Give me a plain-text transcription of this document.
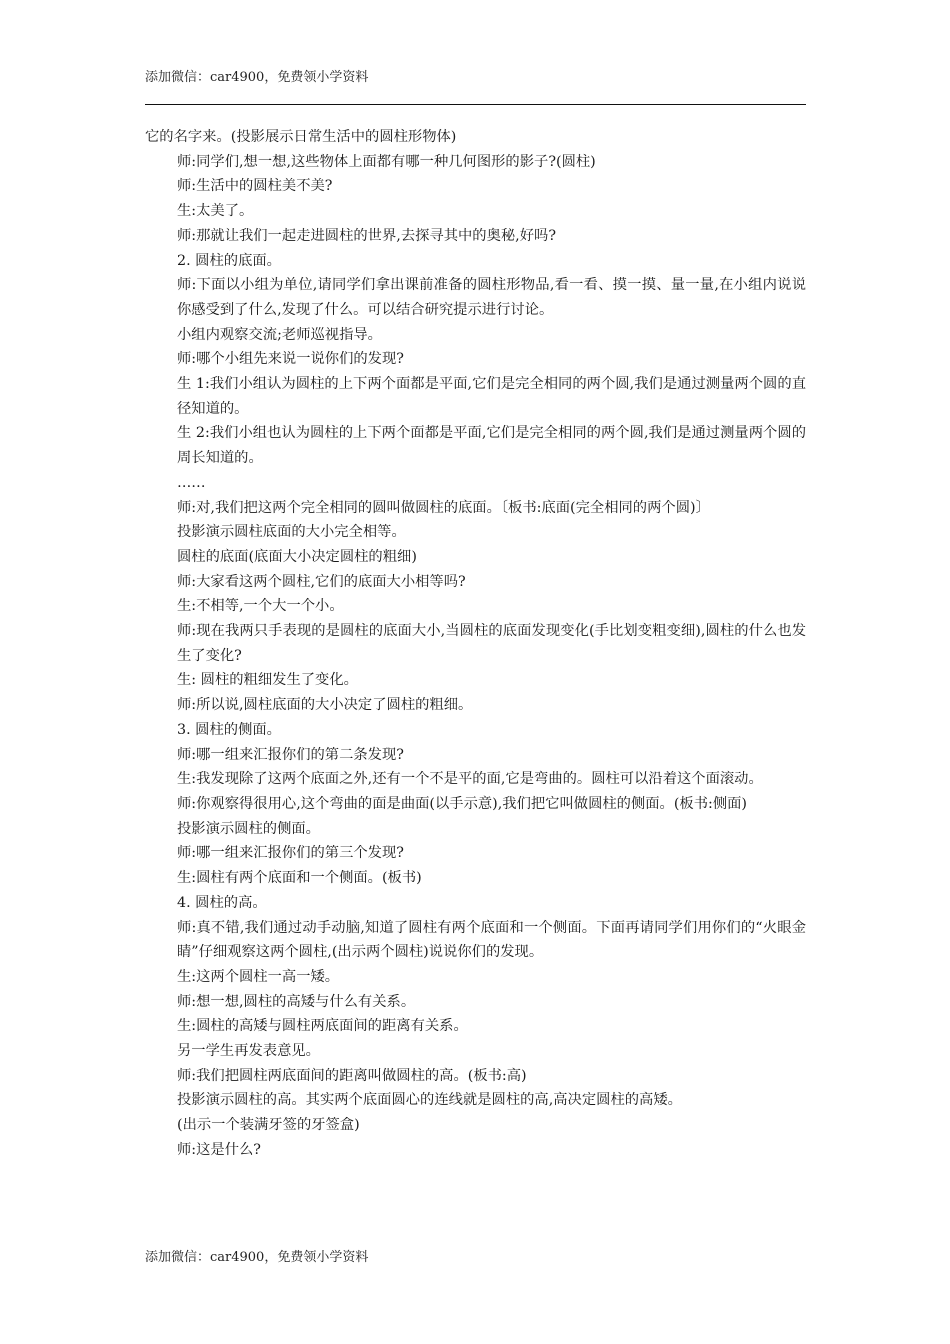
添加微信：car4900，免费领小学资料

它的名字来。(投影展示日常生活中的圆柱形物体)

师:同学们,想一想,这些物体上面都有哪一种几何图形的影子?(圆柱)

师:生活中的圆柱美不美?

生:太美了。

师:那就让我们一起走进圆柱的世界,去探寻其中的奥秘,好吗?

2. 圆柱的底面。

师:下面以小组为单位,请同学们拿出课前准备的圆柱形物品,看一看、摸一摸、量一量,在小组内说说你感受到了什么,发现了什么。可以结合研究提示进行讨论。

小组内观察交流;老师巡视指导。

师:哪个小组先来说一说你们的发现?

生 1:我们小组认为圆柱的上下两个面都是平面,它们是完全相同的两个圆,我们是通过测量两个圆的直径知道的。

生 2:我们小组也认为圆柱的上下两个面都是平面,它们是完全相同的两个圆,我们是通过测量两个圆的周长知道的。

……

师:对,我们把这两个完全相同的圆叫做圆柱的底面。〔板书:底面(完全相同的两个圆)〕

投影演示圆柱底面的大小完全相等。

圆柱的底面(底面大小决定圆柱的粗细)

师:大家看这两个圆柱,它们的底面大小相等吗?

生:不相等,一个大一个小。

师:现在我两只手表现的是圆柱的底面大小,当圆柱的底面发现变化(手比划变粗变细),圆柱的什么也发生了变化?

生: 圆柱的粗细发生了变化。

师:所以说,圆柱底面的大小决定了圆柱的粗细。

3. 圆柱的侧面。

师:哪一组来汇报你们的第二条发现?

生:我发现除了这两个底面之外,还有一个不是平的面,它是弯曲的。圆柱可以沿着这个面滚动。

师:你观察得很用心,这个弯曲的面是曲面(以手示意),我们把它叫做圆柱的侧面。(板书:侧面)

投影演示圆柱的侧面。

师:哪一组来汇报你们的第三个发现?

生:圆柱有两个底面和一个侧面。(板书)

4. 圆柱的高。

师:真不错,我们通过动手动脑,知道了圆柱有两个底面和一个侧面。下面再请同学们用你们的“火眼金睛”仔细观察这两个圆柱,(出示两个圆柱)说说你们的发现。

生:这两个圆柱一高一矮。

师:想一想,圆柱的高矮与什么有关系。

生:圆柱的高矮与圆柱两底面间的距离有关系。

另一学生再发表意见。

师:我们把圆柱两底面间的距离叫做圆柱的高。(板书:高)

投影演示圆柱的高。其实两个底面圆心的连线就是圆柱的高,高决定圆柱的高矮。

(出示一个装满牙签的牙签盒)

师:这是什么?

添加微信：car4900，免费领小学资料
